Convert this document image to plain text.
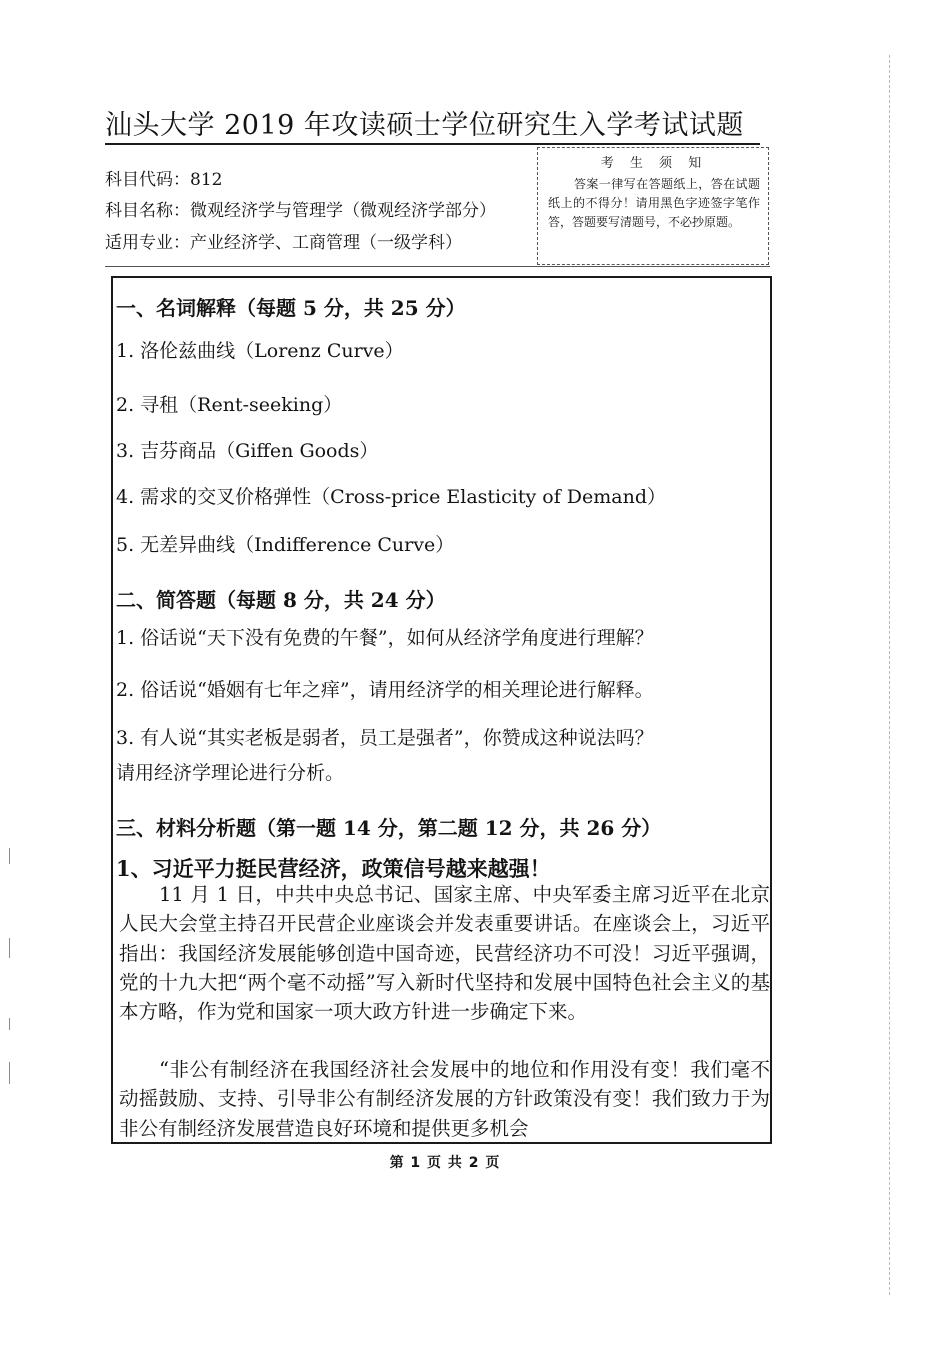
汕头大学 2019 年攻读硕士学位研究生入学考试试题
科目代码：812
科目名称：微观经济学与管理学（微观经济学部分）
适用专业：产业经济学、工商管理（一级学科）
考 生 须 知
答案一律写在答题纸上，答在试题纸上的不得分！请用黑色字迹签字笔作答，答题要写清题号，不必抄原题。
一、名词解释（每题 5 分，共 25 分）
1. 洛伦兹曲线（Lorenz Curve）
2. 寻租（Rent-seeking）
3. 吉芬商品（Giffen Goods）
4. 需求的交叉价格弹性（Cross-price Elasticity of Demand）
5. 无差异曲线（Indifference Curve）
二、简答题（每题 8 分，共 24 分）
1. 俗话说“天下没有免费的午餐”，如何从经济学角度进行理解？
2. 俗话说“婚姻有七年之痒”，请用经济学的相关理论进行解释。
3. 有人说“其实老板是弱者，员工是强者”，你赞成这种说法吗？
请用经济学理论进行分析。
三、材料分析题（第一题 14 分，第二题 12 分，共 26 分）
1、习近平力挺民营经济，政策信号越来越强！
11 月 1 日，中共中央总书记、国家主席、中央军委主席习近平在北京人民大会堂主持召开民营企业座谈会并发表重要讲话。在座谈会上，习近平指出：我国经济发展能够创造中国奇迹，民营经济功不可没！习近平强调，党的十九大把“两个毫不动摇”写入新时代坚持和发展中国特色社会主义的基本方略，作为党和国家一项大政方针进一步确定下来。
“非公有制经济在我国经济社会发展中的地位和作用没有变！我们毫不动摇鼓励、支持、引导非公有制经济发展的方针政策没有变！我们致力于为非公有制经济发展营造良好环境和提供更多机会
第 1 页 共 2 页
